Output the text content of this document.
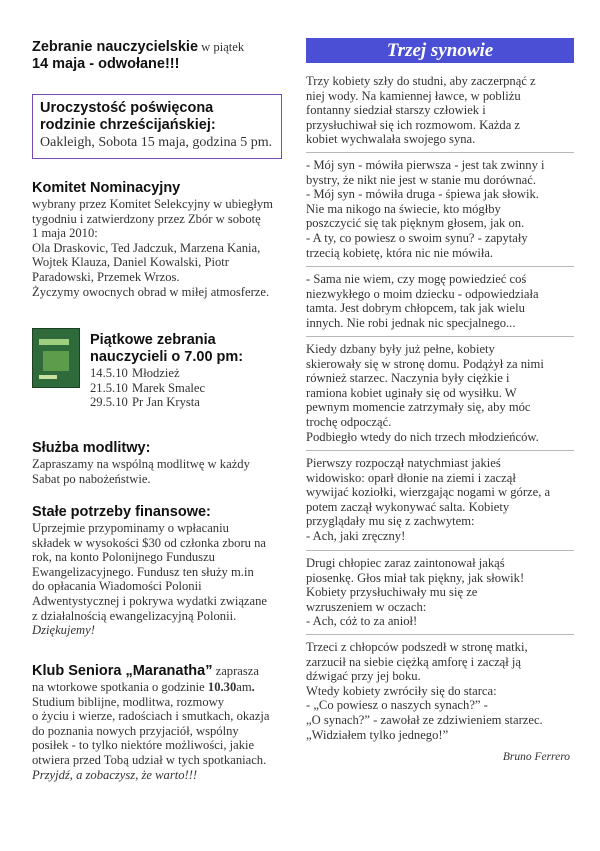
Zebranie nauczycielskie w piątek
14 maja - odwołane!!!
Uroczystość poświęcona
rodzinie chrześcijańskiej:
Oakleigh, Sobota 15 maja, godzina 5 pm.
Komitet Nominacyjny
wybrany przez Komitet Selekcyjny w ubiegłym
tygodniu i zatwierdzony przez Zbór w sobotę
1 maja 2010:
Ola Draskovic, Ted Jadczuk, Marzena Kania,
Wojtek Klauza, Daniel Kowalski, Piotr
Paradowski, Przemek Wrzos.
Życzymy owocnych obrad w miłej atmosferze.
Piątkowe zebrania
nauczycieli o 7.00 pm:
14.5.10 Młodzież
21.5.10 Marek Smalec
29.5.10 Pr Jan Krysta
Służba modlitwy:
Zapraszamy na wspólną modlitwę w każdy
Sabat po nabożeństwie.
Stałe potrzeby finansowe:
Uprzejmie przypominamy o wpłacaniu
składek w wysokości $30 od członka zboru na
rok, na konto Polonijnego Funduszu
Ewangelizacyjnego. Fundusz ten służy m.in
do opłacania Wiadomości Polonii
Adwentystycznej i pokrywa wydatki związane
z działalnością ewangelizacyjną Polonii.
Dziękujemy!
Klub Seniora „Maranatha” zaprasza
na wtorkowe spotkania o godzinie 10.30am.
Studium biblijne, modlitwa, rozmowy
o życiu i wierze, radościach i smutkach, okazja
do poznania nowych przyjaciół, wspólny
posiłek - to tylko niektóre możliwości, jakie
otwiera przed Tobą udział w tych spotkaniach.
Przyjdź, a zobaczysz, że warto!!!
Trzej synowie
Trzy kobiety szły do studni, aby zaczerpnąć z
niej wody. Na kamiennej ławce, w pobliżu
fontanny siedział starszy człowiek i
przysłuchiwał się ich rozmowom. Każda z
kobiet wychwalała swojego syna.
- Mój syn - mówiła pierwsza - jest tak zwinny i
bystry, że nikt nie jest w stanie mu dorównać.
- Mój syn - mówiła druga - śpiewa jak słowik.
Nie ma nikogo na świecie, kto mógłby
poszczycić się tak pięknym głosem, jak on.
- A ty, co powiesz o swoim synu? - zapytały
trzecią kobietę, która nic nie mówiła.
- Sama nie wiem, czy mogę powiedzieć coś
niezwykłego o moim dziecku - odpowiedziała
tamta. Jest dobrym chłopcem, tak jak wielu
innych. Nie robi jednak nic specjalnego...
Kiedy dzbany były już pełne, kobiety
skierowały się w stronę domu. Podążył za nimi
również starzec. Naczynia były ciężkie i
ramiona kobiet uginały się od wysiłku. W
pewnym momencie zatrzymały się, aby móc
trochę odpocząć.
Podbiegło wtedy do nich trzech młodzieńców.
Pierwszy rozpoczął natychmiast jakieś
widowisko: oparł dłonie na ziemi i zaczął
wywijać koziołki, wierzgając nogami w górze, a
potem zaczął wykonywać salta. Kobiety
przyglądały mu się z zachwytem:
- Ach, jaki zręczny!
Drugi chłopiec zaraz zaintonował jakąś
piosenkę. Głos miał tak piękny, jak słowik!
Kobiety przysłuchiwały mu się ze
wzruszeniem w oczach:
- Ach, cóż to za anioł!
Trzeci z chłopców podszedł w stronę matki,
zarzucił na siebie ciężką amforę i zaczął ją
dźwigać przy jej boku.
Wtedy kobiety zwróciły się do starca:
- „Co powiesz o naszych synach?” -
„O synach?” - zawołał ze zdziwieniem starzec.
„Widziałem tylko jednego!”
Bruno Ferrero
